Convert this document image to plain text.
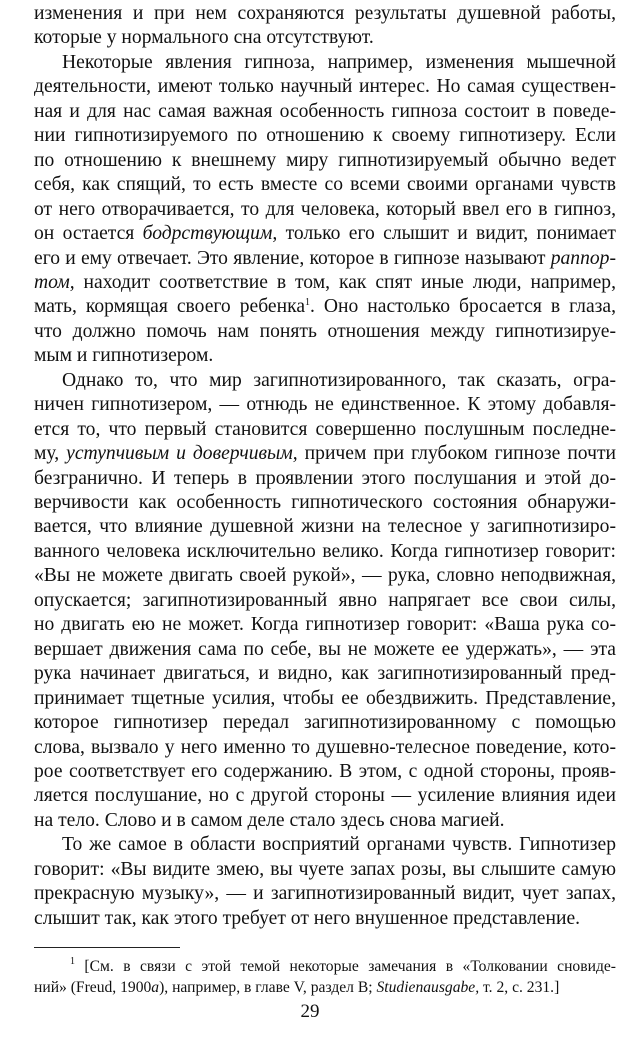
изменения и при нем сохраняются результаты душевной работы,
которые у нормального сна отсутствуют.
Некоторые явления гипноза, например, изменения мышечной
деятельности, имеют только научный интерес. Но самая существен-
ная и для нас самая важная особенность гипноза состоит в поведе-
нии гипнотизируемого по отношению к своему гипнотизеру. Если
по отношению к внешнему миру гипнотизируемый обычно ведет
себя, как спящий, то есть вместе со всеми своими органами чувств
от него отворачивается, то для человека, который ввел его в гипноз,
он остается бодрствующим, только его слышит и видит, понимает
его и ему отвечает. Это явление, которое в гипнозе называют раппор-
том, находит соответствие в том, как спят иные люди, например,
мать, кормящая своего ребенка$^1$. Оно настолько бросается в глаза,
что должно помочь нам понять отношения между гипнотизируе-
мым и гипнотизером.
Однако то, что мир загипнотизированного, так сказать, огра-
ничен гипнотизером, — отнюдь не единственное. К этому добавля-
ется то, что первый становится совершенно послушным последне-
му, уступчивым и доверчивым, причем при глубоком гипнозе почти
безгранично. И теперь в проявлении этого послушания и этой до-
верчивости как особенность гипнотического состояния обнаружи-
вается, что влияние душевной жизни на телесное у загипнотизиро-
ванного человека исключительно велико. Когда гипнотизер говорит:
«Вы не можете двигать своей рукой», — рука, словно неподвижная,
опускается; загипнотизированный явно напрягает все свои силы,
но двигать ею не может. Когда гипнотизер говорит: «Ваша рука со-
вершает движения сама по себе, вы не можете ее удержать», — эта
рука начинает двигаться, и видно, как загипнотизированный пред-
принимает тщетные усилия, чтобы ее обездвижить. Представление,
которое гипнотизер передал загипнотизированному с помощью
слова, вызвало у него именно то душевно-телесное поведение, кото-
рое соответствует его содержанию. В этом, с одной стороны, прояв-
ляется послушание, но с другой стороны — усиление влияния идеи
на тело. Слово и в самом деле стало здесь снова магией.
То же самое в области восприятий органами чувств. Гипнотизер
говорит: «Вы видите змею, вы чуете запах розы, вы слышите самую
прекрасную музыку», — и загипнотизированный видит, чует запах,
слышит так, как этого требует от него внушенное представление.
$^1$ [См. в связи с этой темой некоторые замечания в «Толковании сновиде-
ний» (Freud, 1900a), например, в главе V, раздел B; Studienausgabe, т. 2, с. 231.]
29
